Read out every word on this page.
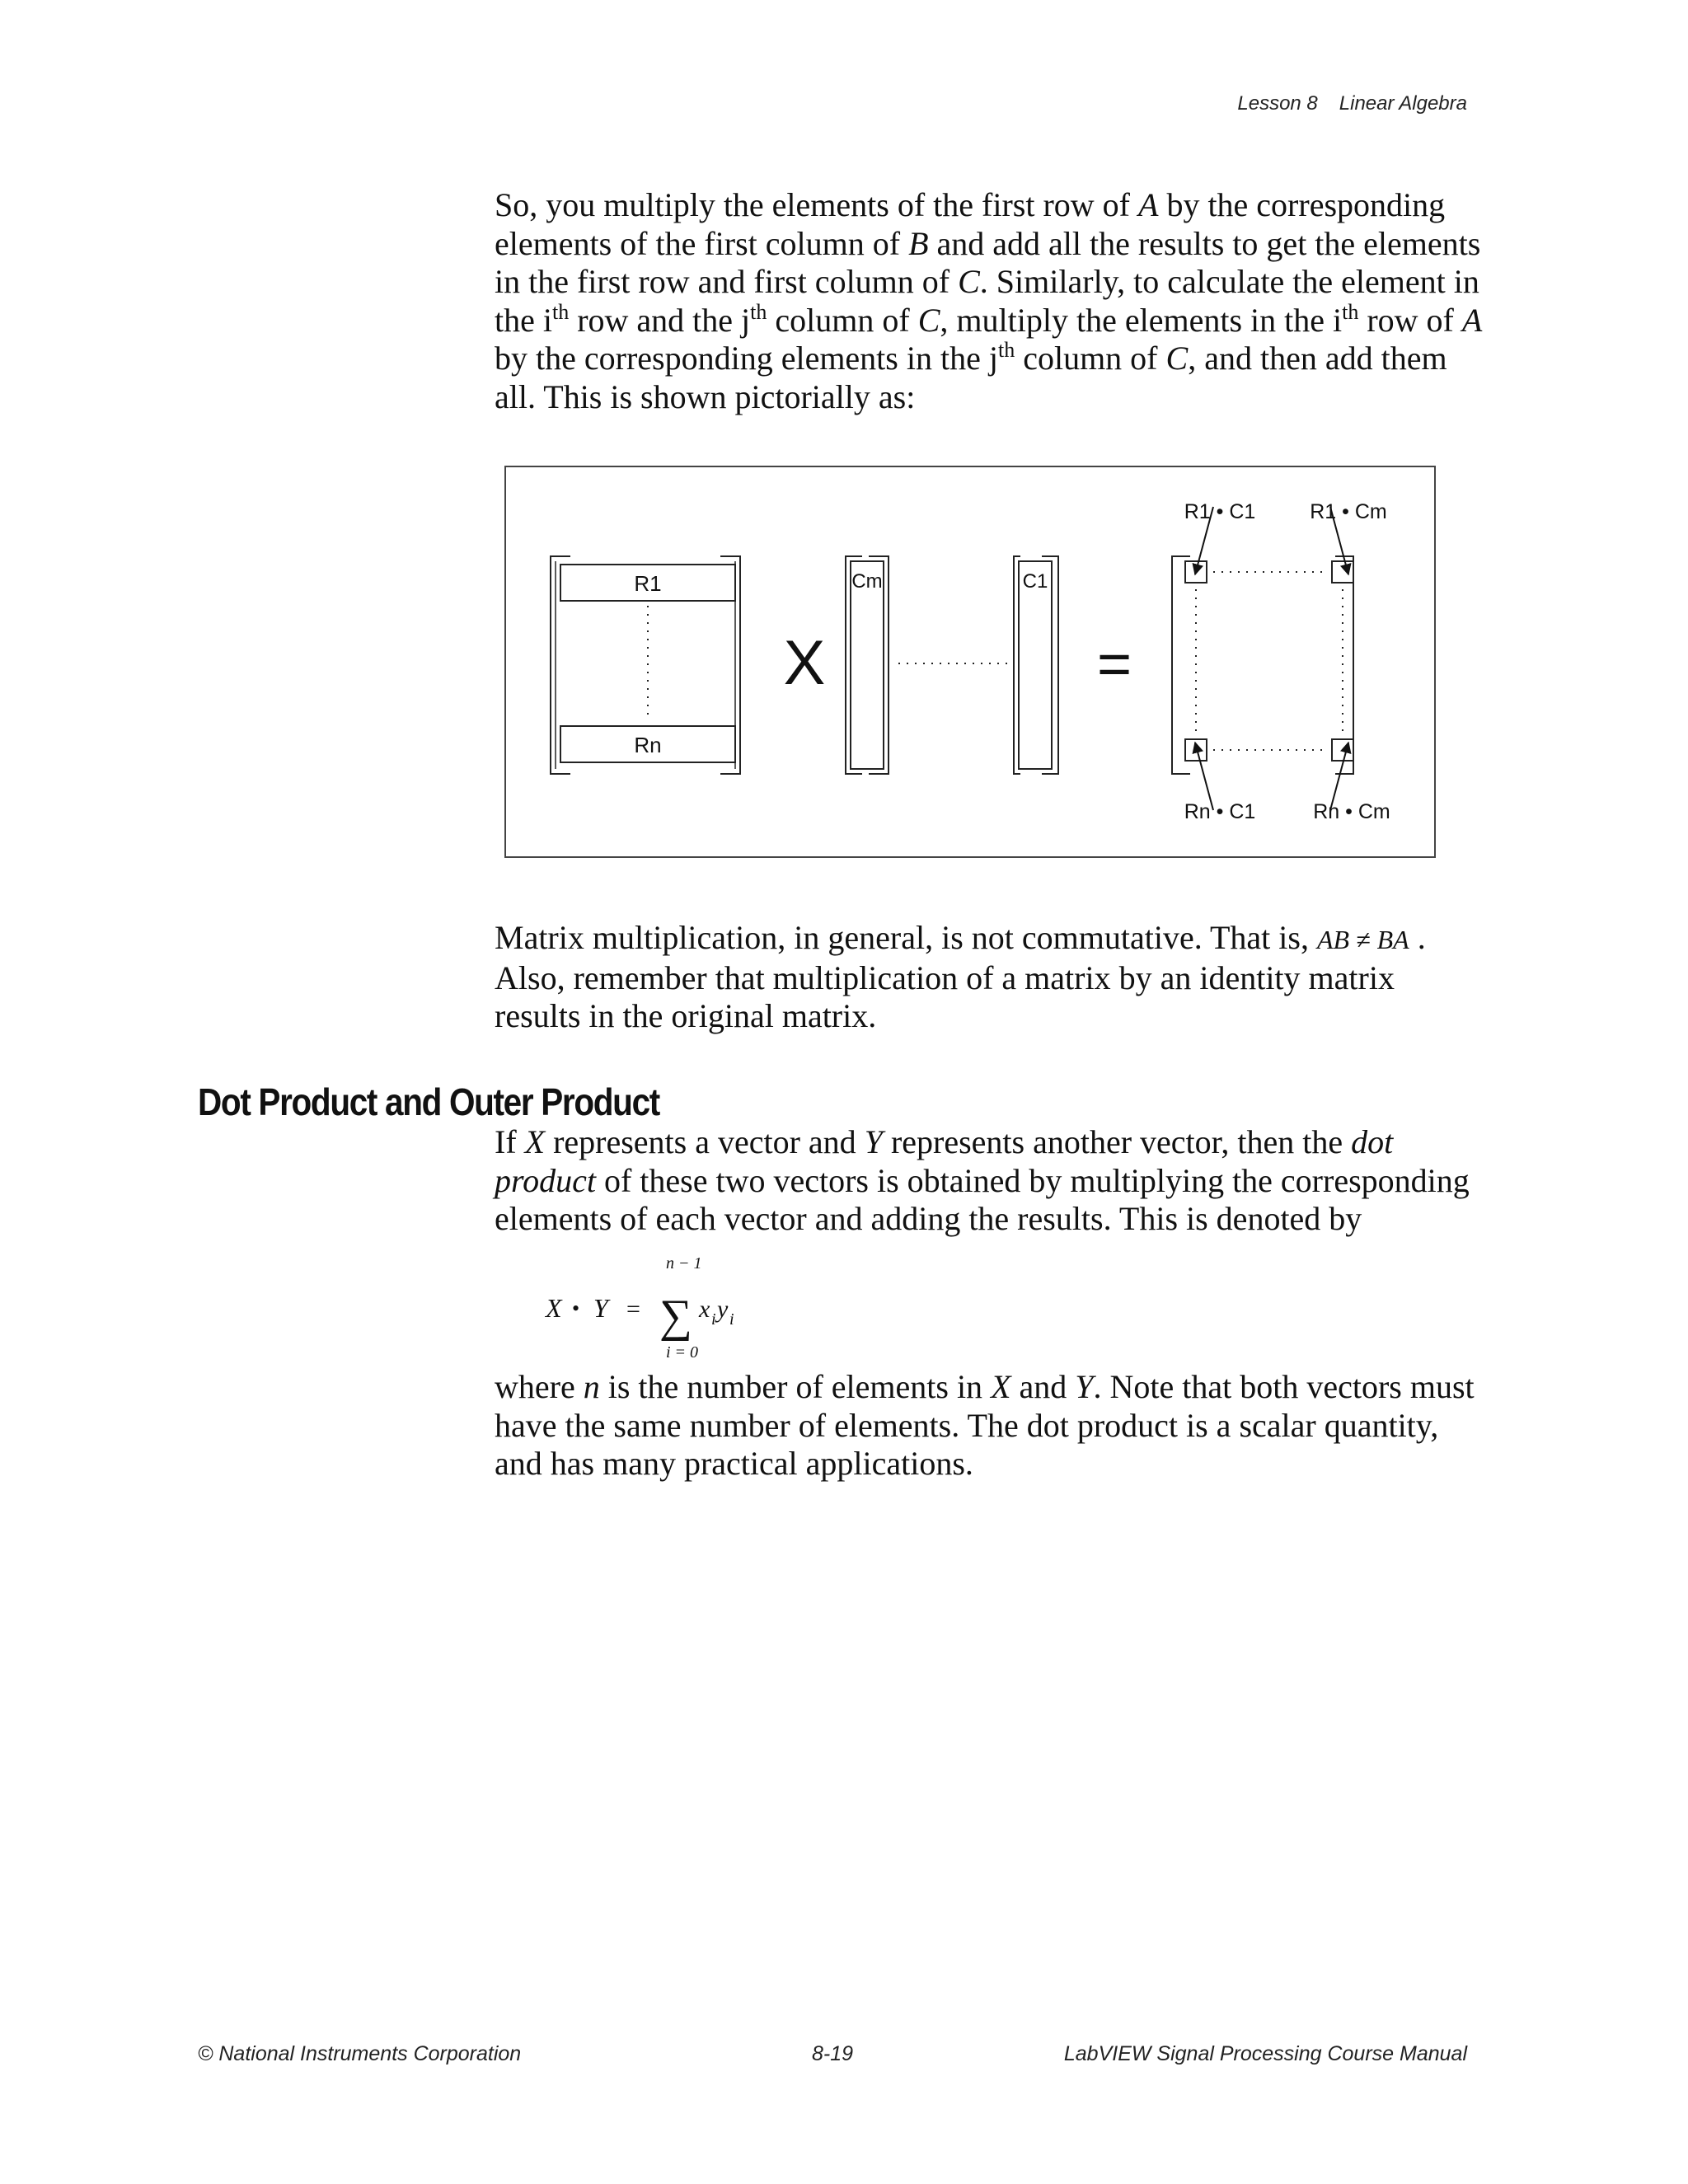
Lesson 8 Linear Algebra

So, you multiply the elements of the first row of A by the corresponding elements of the first column of B and add all the results to get the elements in the first row and first column of C. Similarly, to calculate the element in the $i^{th}$ row and the $j^{th}$ column of C, multiply the elements in the $i^{th}$ row of A by the corresponding elements in the $j^{th}$ column of C, and then add them all. This is shown pictorially as:

R1
Rn
X
Cm	C1
=
R1 • C1	R1 • Cm
Rn • C1	Rn • Cm

Matrix multiplication, in general, is not commutative. That is, AB ≠ BA . Also, remember that multiplication of a matrix by an identity matrix results in the original matrix.

Dot Product and Outer Product

If X represents a vector and Y represents another vector, then the dot product of these two vectors is obtained by multiplying the corresponding elements of each vector and adding the results. This is denoted by

X • Y =
n − 1
∑
i = 0
x i y i

where n is the number of elements in X and Y. Note that both vectors must have the same number of elements. The dot product is a scalar quantity, and has many practical applications.

© National Instruments Corporation	8-19	LabVIEW Signal Processing Course Manual
